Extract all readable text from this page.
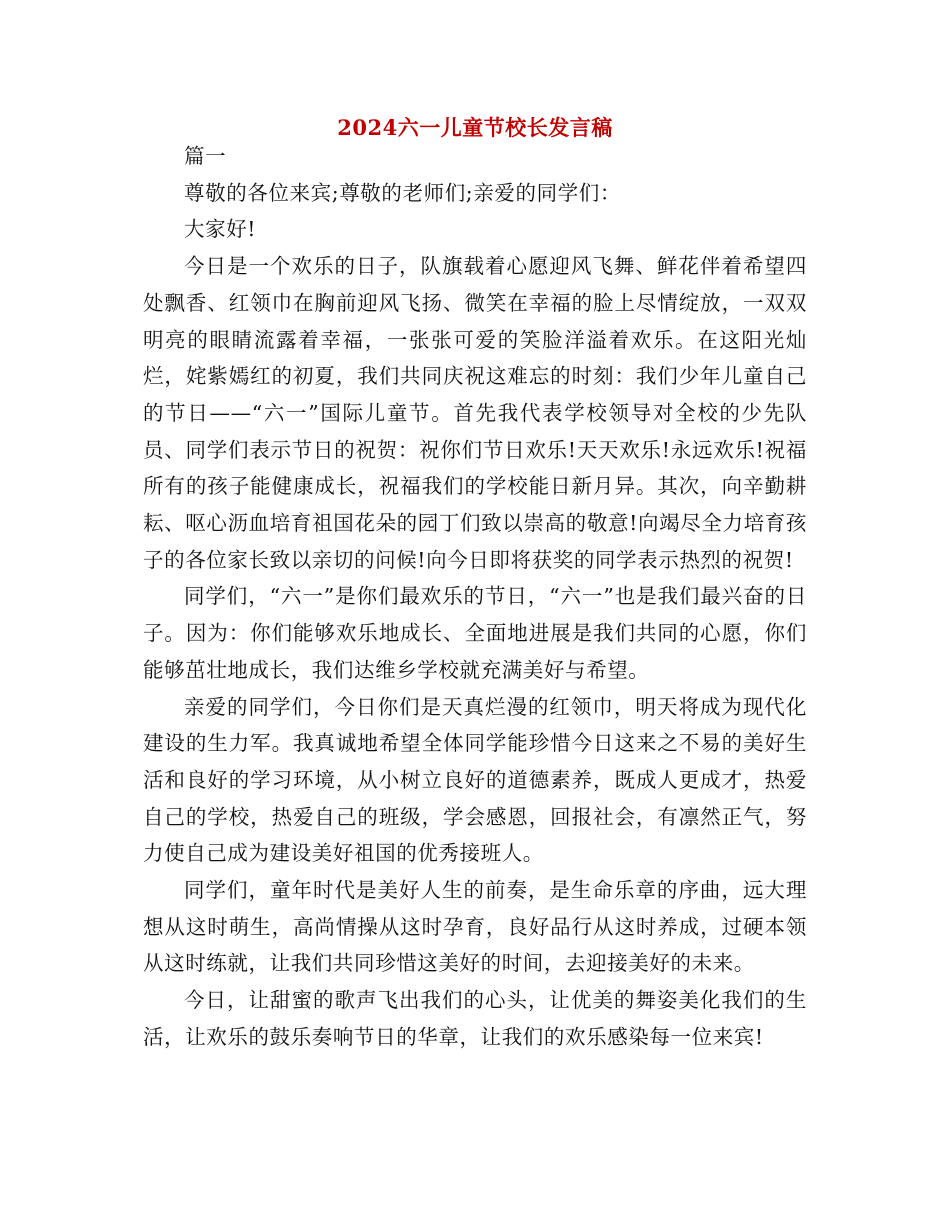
2024六一儿童节校长发言稿

篇一

尊敬的各位来宾;尊敬的老师们;亲爱的同学们：

大家好!

今日是一个欢乐的日子，队旗载着心愿迎风飞舞、鲜花伴着希望四处飘香、红领巾在胸前迎风飞扬、微笑在幸福的脸上尽情绽放，一双双明亮的眼睛流露着幸福，一张张可爱的笑脸洋溢着欢乐。在这阳光灿烂，姹紫嫣红的初夏，我们共同庆祝这难忘的时刻：我们少年儿童自己的节日——“六一”国际儿童节。首先我代表学校领导对全校的少先队员、同学们表示节日的祝贺：祝你们节日欢乐!天天欢乐!永远欢乐!祝福所有的孩子能健康成长，祝福我们的学校能日新月异。其次，向辛勤耕耘、呕心沥血培育祖国花朵的园丁们致以崇高的敬意!向竭尽全力培育孩子的各位家长致以亲切的问候!向今日即将获奖的同学表示热烈的祝贺!

同学们，“六一”是你们最欢乐的节日，“六一”也是我们最兴奋的日子。因为：你们能够欢乐地成长、全面地进展是我们共同的心愿，你们能够茁壮地成长，我们达维乡学校就充满美好与希望。

亲爱的同学们，今日你们是天真烂漫的红领巾，明天将成为现代化建设的生力军。我真诚地希望全体同学能珍惜今日这来之不易的美好生活和良好的学习环境，从小树立良好的道德素养，既成人更成才，热爱自己的学校，热爱自己的班级，学会感恩，回报社会，有凛然正气，努力使自己成为建设美好祖国的优秀接班人。

同学们，童年时代是美好人生的前奏，是生命乐章的序曲，远大理想从这时萌生，高尚情操从这时孕育，良好品行从这时养成，过硬本领从这时练就，让我们共同珍惜这美好的时间，去迎接美好的未来。

今日，让甜蜜的歌声飞出我们的心头，让优美的舞姿美化我们的生活，让欢乐的鼓乐奏响节日的华章，让我们的欢乐感染每一位来宾!
